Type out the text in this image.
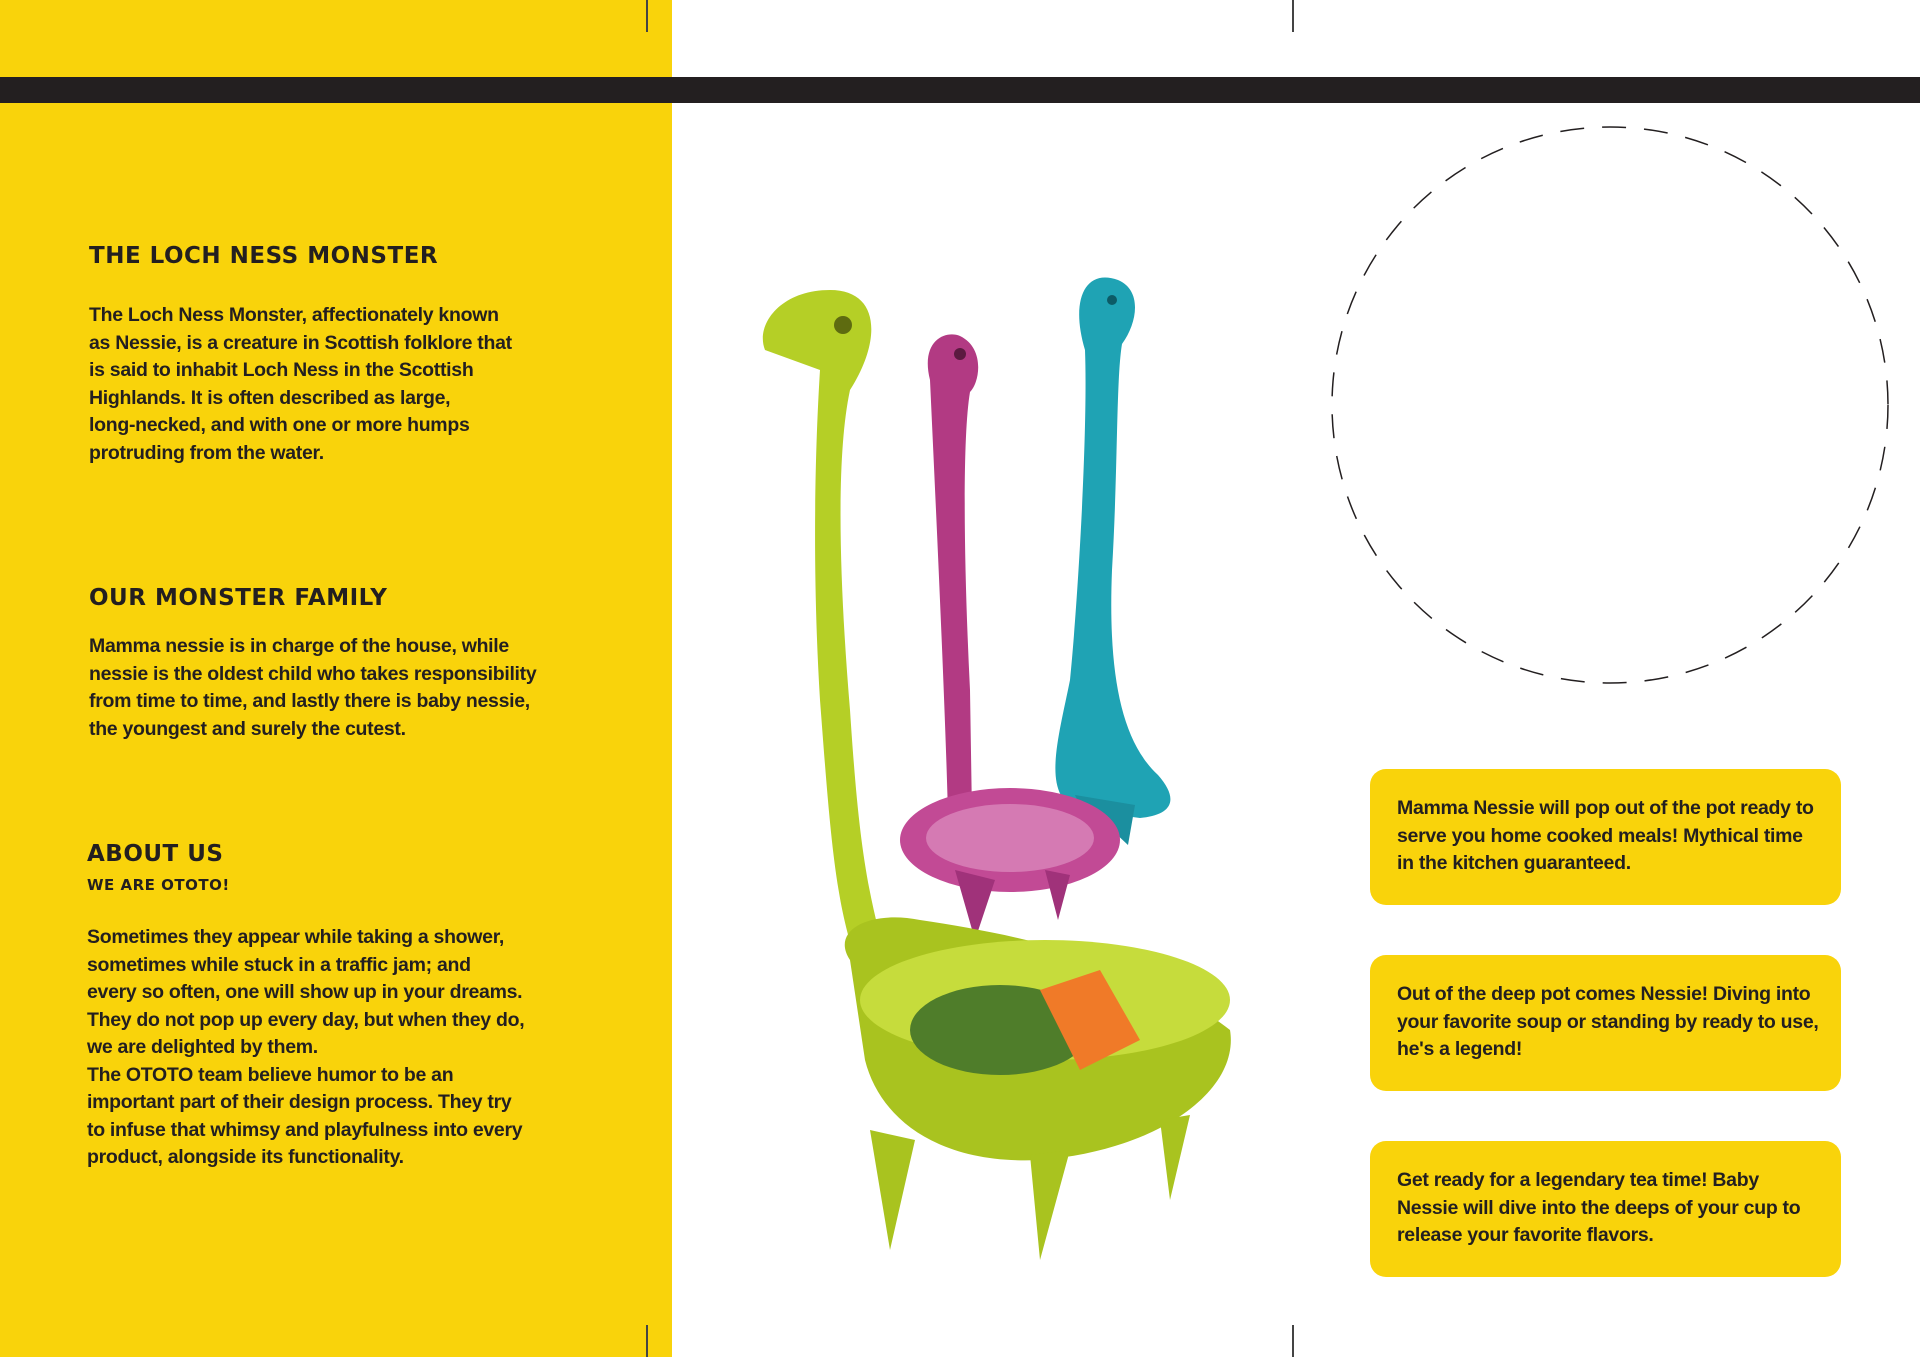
THE LOCH NESS MONSTER

The Loch Ness Monster, affectionately known
as Nessie, is a creature in Scottish folklore that
is said to inhabit Loch Ness in the Scottish
Highlands. It is often described as large,
long-necked, and with one or more humps
protruding from the water.

OUR MONSTER FAMILY

Mamma nessie is in charge of the house, while
nessie is the oldest child who takes responsibility
from time to time, and lastly there is baby nessie,
the youngest and surely the cutest.

ABOUT US
WE ARE OTOTO!

Sometimes they appear while taking a shower,
sometimes while stuck in a traffic jam; and
every so often, one will show up in your dreams.
They do not pop up every day, but when they do,
we are delighted by them.
The OTOTO team believe humor to be an
important part of their design process. They try
to infuse that whimsy and playfulness into every
product, alongside its functionality.

Mamma Nessie will pop out of the pot ready to serve you home cooked meals! Mythical time in the kitchen guaranteed.

Out of the deep pot comes Nessie! Diving into your favorite soup or standing by ready to use, he's a legend!

Get ready for a legendary tea time! Baby Nessie will dive into the deeps of your cup to release your favorite flavors.
